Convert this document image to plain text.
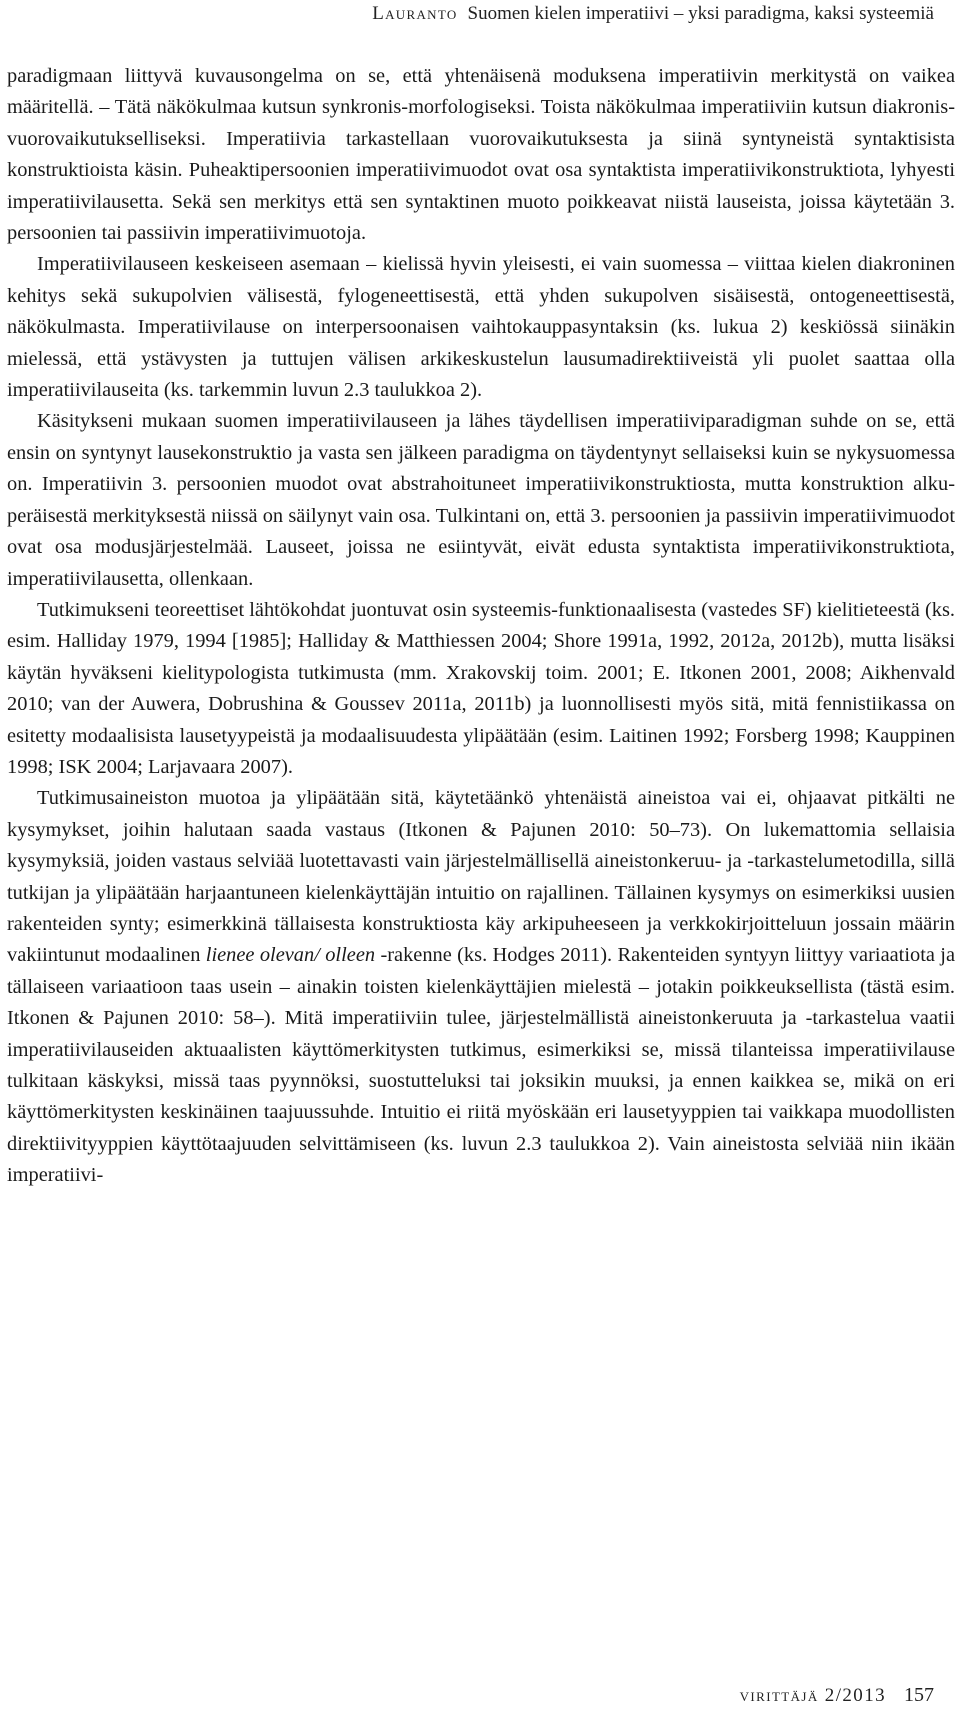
Lauranto Suomen kielen imperatiivi – yksi paradigma, kaksi systeemiä

paradigmaan liittyvä kuvausongelma on se, että yhtenäisenä moduksena imperatiivin merkitystä on vaikea määritellä. – Tätä näkökulmaa kutsun synkronis-morfologiseksi. Toista näkökulmaa imperatiiviin kutsun diakronis-vuorovaikutukselliseksi. Imperatiivia tarkastellaan vuorovaikutuksesta ja siinä syntyneistä syntaktisista konstruktioista käsin. Puheaktipersoonien imperatiivimuodot ovat osa syntaktista imperatiivikonstruktiota, lyhyesti imperatiivilausetta. Sekä sen merkitys että sen syntaktinen muoto poikkeavat niistä lauseista, joissa käytetään 3. persoonien tai passiivin imperatiivimuotoja.

Imperatiivilauseen keskeiseen asemaan – kielissä hyvin yleisesti, ei vain suomessa – viittaa kielen diakroninen kehitys sekä sukupolvien välisestä, fylogeneettisestä, että yhden sukupolven sisäisestä, ontogeneettisestä, näkökulmasta. Imperatiivilause on interpersoonaisen vaihtokauppasyntaksin (ks. lukua 2) keskiössä siinäkin mielessä, että ystävysten ja tuttujen välisen arkikeskustelun lausumadirektiiveistä yli puolet saattaa olla imperatiivilauseita (ks. tarkemmin luvun 2.3 taulukkoa 2).

Käsitykseni mukaan suomen imperatiivilauseen ja lähes täydellisen imperatiiviparadigman suhde on se, että ensin on syntynyt lausekonstruktio ja vasta sen jälkeen paradigma on täydentynyt sellaiseksi kuin se nykysuomessa on. Imperatiivin 3. persoonien muodot ovat abstrahoituneet imperatiivikonstruktiosta, mutta konstruktion alkuperäisestä merkityksestä niissä on säilynyt vain osa. Tulkintani on, että 3. persoonien ja passiivin imperatiivimuodot ovat osa modusjärjestelmää. Lauseet, joissa ne esiintyvät, eivät edusta syntaktista imperatiivikonstruktiota, imperatiivilausetta, ollenkaan.

Tutkimukseni teoreettiset lähtökohdat juontuvat osin systeemis-funktionaalisesta (vastedes SF) kielitieteestä (ks. esim. Halliday 1979, 1994 [1985]; Halliday & Matthiessen 2004; Shore 1991a, 1992, 2012a, 2012b), mutta lisäksi käytän hyväkseni kielitypologista tutkimusta (mm. Xrakovskij toim. 2001; E. Itkonen 2001, 2008; Aikhenvald 2010; van der Auwera, Dobrushina & Goussev 2011a, 2011b) ja luonnollisesti myös sitä, mitä fennistiikassa on esitetty modaalisista lausetyypeistä ja modaalisuudesta ylipäätään (esim. Laitinen 1992; Forsberg 1998; Kauppinen 1998; ISK 2004; Larjavaara 2007).

Tutkimusaineiston muotoa ja ylipäätään sitä, käytetäänkö yhtenäistä aineistoa vai ei, ohjaavat pitkälti ne kysymykset, joihin halutaan saada vastaus (Itkonen & Pajunen 2010: 50–73). On lukemattomia sellaisia kysymyksiä, joiden vastaus selviää luotettavasti vain järjestelmällisellä aineistonkeruu- ja -tarkastelumetodilla, sillä tutkijan ja ylipäätään harjaantuneen kielenkäyttäjän intuitio on rajallinen. Tällainen kysymys on esimerkiksi uusien rakenteiden synty; esimerkkinä tällaisesta konstruktiosta käy arkipuheeseen ja verkkokirjoitteluun jossain määrin vakiintunut modaalinen lienee olevan/ olleen -rakenne (ks. Hodges 2011). Rakenteiden syntyyn liittyy variaatiota ja tällaiseen variaatioon taas usein – ainakin toisten kielenkäyttäjien mielestä – jotakin poikkeuksellista (tästä esim. Itkonen & Pajunen 2010: 58–). Mitä imperatiiviin tulee, järjestelmällistä aineistonkeruuta ja -tarkastelua vaatii imperatiivilauseiden aktuaalisten käyttömerkitysten tutkimus, esimerkiksi se, missä tilanteissa imperatiivilause tulkitaan käskyksi, missä taas pyynnöksi, suostutteluksi tai joksikin muuksi, ja ennen kaikkea se, mikä on eri käyttömerkitysten keskinäinen taajuussuhde. Intuitio ei riitä myöskään eri lausetyyppien tai vaikkapa muodollisten direktiivityyppien käyttötaajuuden selvittämiseen (ks. luvun 2.3 taulukkoa 2). Vain aineistosta selviää niin ikään imperatiivi-

virittäjä 2/2013 157
